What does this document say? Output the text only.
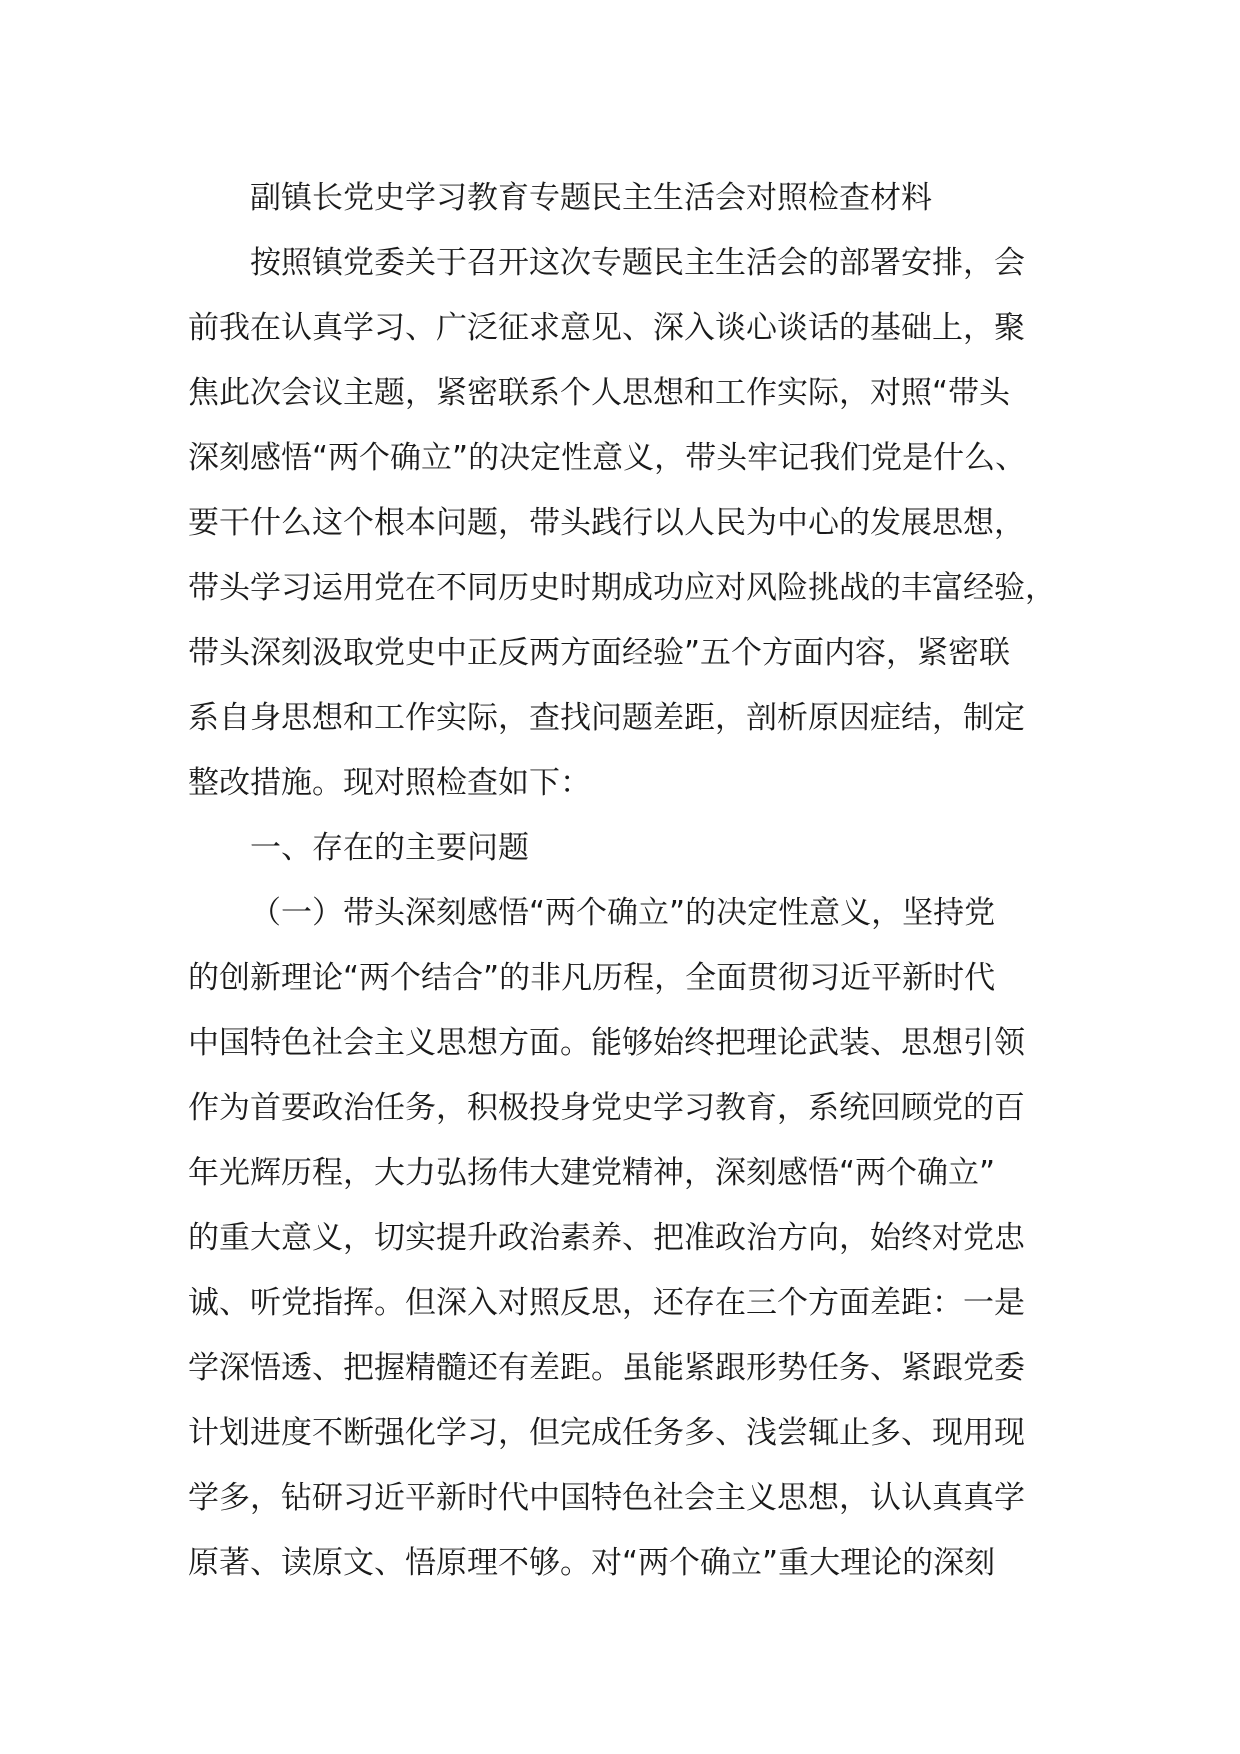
副镇长党史学习教育专题民主生活会对照检查材料
按照镇党委关于召开这次专题民主生活会的部署安排，会
前我在认真学习、广泛征求意见、深入谈心谈话的基础上，聚
焦此次会议主题，紧密联系个人思想和工作实际，对照“带头
深刻感悟“两个确立”的决定性意义，带头牢记我们党是什么、
要干什么这个根本问题，带头践行以人民为中心的发展思想，
带头学习运用党在不同历史时期成功应对风险挑战的丰富经验，
带头深刻汲取党史中正反两方面经验”五个方面内容，紧密联
系自身思想和工作实际，查找问题差距，剖析原因症结，制定
整改措施。现对照检查如下：
一、存在的主要问题
（一）带头深刻感悟“两个确立”的决定性意义，坚持党
的创新理论“两个结合”的非凡历程，全面贯彻习近平新时代
中国特色社会主义思想方面。能够始终把理论武装、思想引领
作为首要政治任务，积极投身党史学习教育，系统回顾党的百
年光辉历程，大力弘扬伟大建党精神，深刻感悟“两个确立”
的重大意义，切实提升政治素养、把准政治方向，始终对党忠
诚、听党指挥。但深入对照反思，还存在三个方面差距：一是
学深悟透、把握精髓还有差距。虽能紧跟形势任务、紧跟党委
计划进度不断强化学习，但完成任务多、浅尝辄止多、现用现
学多，钻研习近平新时代中国特色社会主义思想，认认真真学
原著、读原文、悟原理不够。对“两个确立”重大理论的深刻
